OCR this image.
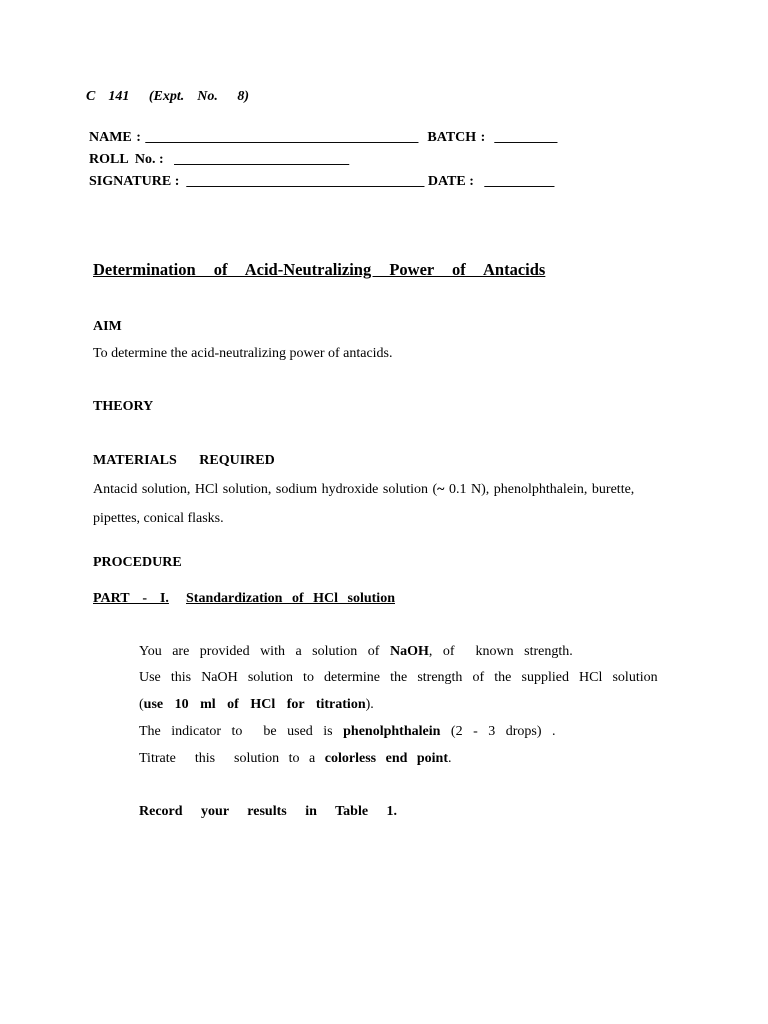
C  141   (Expt.  No.   8)
NAME : _______________________________________  BATCH :  _________
ROLL  No. :   _________________________
SIGNATURE :  __________________________________ DATE :   __________
Determination of Acid-Neutralizing Power of Antacids
AIM
To determine the acid-neutralizing power of antacids.
THEORY
MATERIALS   REQUIRED
Antacid solution, HCl solution, sodium hydroxide solution (~ 0.1 N), phenolphthalein, burette,
pipettes, conical flasks.
PROCEDURE
PART  -  I. Standardization of HCl solution
You are provided with a solution of NaOH, of  known strength.
Use this NaOH solution to determine the strength of the supplied HCl solution
(use 10 ml of HCl for titration).
The indicator to  be used is phenolphthalein (2 - 3 drops) .
Titrate  this  solution to a colorless end point.
Record your results in Table 1.
